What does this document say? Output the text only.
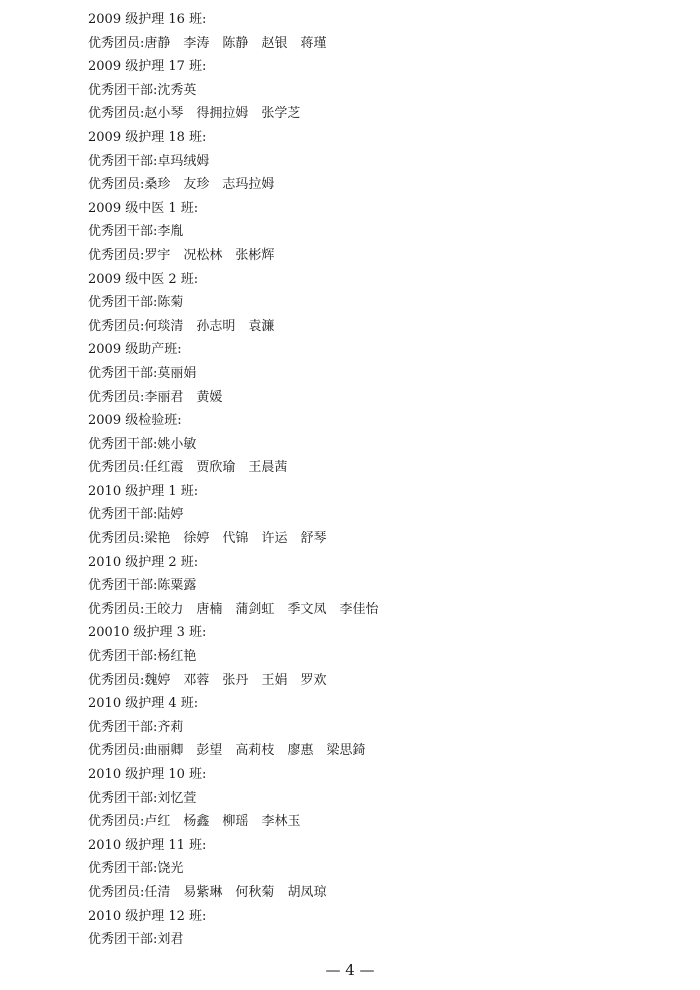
2009 级护理 16 班:
优秀团员:唐静 李涛 陈静 赵银 蒋瑾
2009 级护理 17 班:
优秀团干部:沈秀英
优秀团员:赵小琴 得拥拉姆 张学芝
2009 级护理 18 班:
优秀团干部:卓玛绒姆
优秀团员:桑珍 友珍 志玛拉姆
2009 级中医 1 班:
优秀团干部:李胤
优秀团员:罗宇 况松林 张彬辉
2009 级中医 2 班:
优秀团干部:陈菊
优秀团员:何琰清 孙志明 袁濂
2009 级助产班:
优秀团干部:莫丽娟
优秀团员:李丽君 黄媛
2009 级检验班:
优秀团干部:姚小敏
优秀团员:任红霞 贾欣瑜 王晨茜
2010 级护理 1 班:
优秀团干部:陆婷
优秀团员:梁艳 徐婷 代锦 许运 舒琴
2010 级护理 2 班:
优秀团干部:陈粟露
优秀团员:王皎力 唐楠 蒲剑虹 季文凤 李佳怡
20010 级护理 3 班:
优秀团干部:杨红艳
优秀团员:魏婷 邓蓉 张丹 王娟 罗欢
2010 级护理 4 班:
优秀团干部:齐莉
优秀团员:曲丽卿 彭望 高莉枝 廖惠 梁思錡
2010 级护理 10 班:
优秀团干部:刘忆萱
优秀团员:卢红 杨鑫 柳瑶 李林玉
2010 级护理 11 班:
优秀团干部:饶光
优秀团员:任清 易紫琳 何秋菊 胡凤琼
2010 级护理 12 班:
优秀团干部:刘君
— 4 —
